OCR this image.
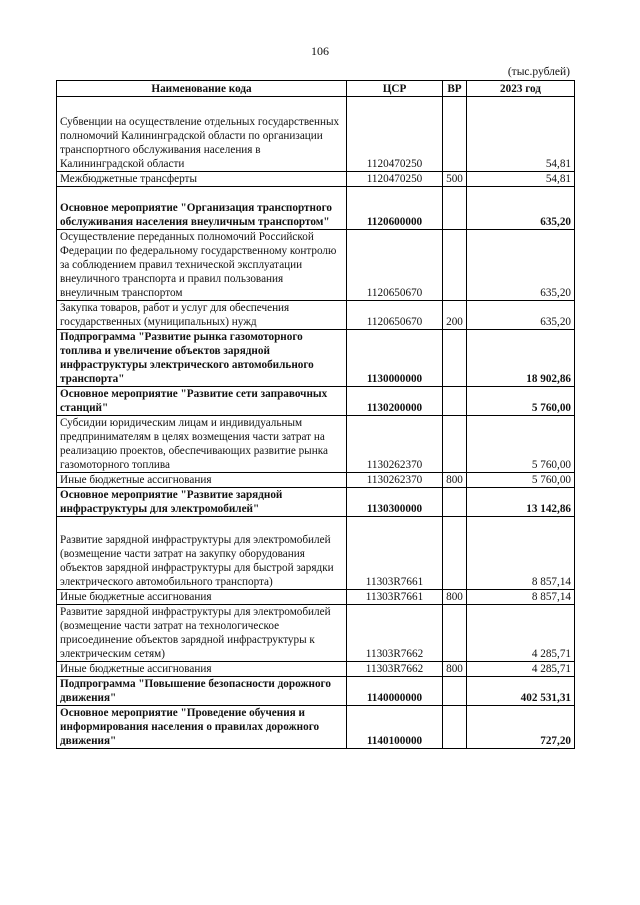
106
(тыс.рублей)
Наименование кода	ЦСР	ВР	2023 год
Субвенции на осуществление отдельных государственных полномочий Калининградской области по организации транспортного обслуживания населения в Калининградской области	1120470250		54,81
Межбюджетные трансферты	1120470250	500	54,81
Основное мероприятие "Организация транспортного обслуживания населения внеуличным транспортом"	1120600000		635,20
Осуществление переданных полномочий Российской Федерации по федеральному государственному контролю за соблюдением правил технической эксплуатации внеуличного транспорта и правил пользования внеуличным транспортом	1120650670		635,20
Закупка товаров, работ и услуг для обеспечения государственных (муниципальных) нужд	1120650670	200	635,20
Подпрограмма "Развитие рынка газомоторного топлива и увеличение объектов зарядной инфраструктуры электрического автомобильного транспорта"	1130000000		18 902,86
Основное мероприятие "Развитие сети заправочных станций"	1130200000		5 760,00
Субсидии юридическим лицам и индивидуальным предпринимателям в целях возмещения части затрат на реализацию проектов, обеспечивающих развитие рынка газомоторного топлива	1130262370		5 760,00
Иные бюджетные ассигнования	1130262370	800	5 760,00
Основное мероприятие "Развитие зарядной инфраструктуры для электромобилей"	1130300000		13 142,86
Развитие зарядной инфраструктуры для электромобилей (возмещение части затрат на закупку оборудования объектов зарядной инфраструктуры для быстрой зарядки электрического автомобильного транспорта)	11303R7661		8 857,14
Иные бюджетные ассигнования	11303R7661	800	8 857,14
Развитие зарядной инфраструктуры для электромобилей (возмещение части затрат на технологическое присоединение объектов зарядной инфраструктуры к электрическим сетям)	11303R7662		4 285,71
Иные бюджетные ассигнования	11303R7662	800	4 285,71
Подпрограмма "Повышение безопасности дорожного движения"	1140000000		402 531,31
Основное мероприятие "Проведение обучения и информирования населения о правилах дорожного движения"	1140100000		727,20
